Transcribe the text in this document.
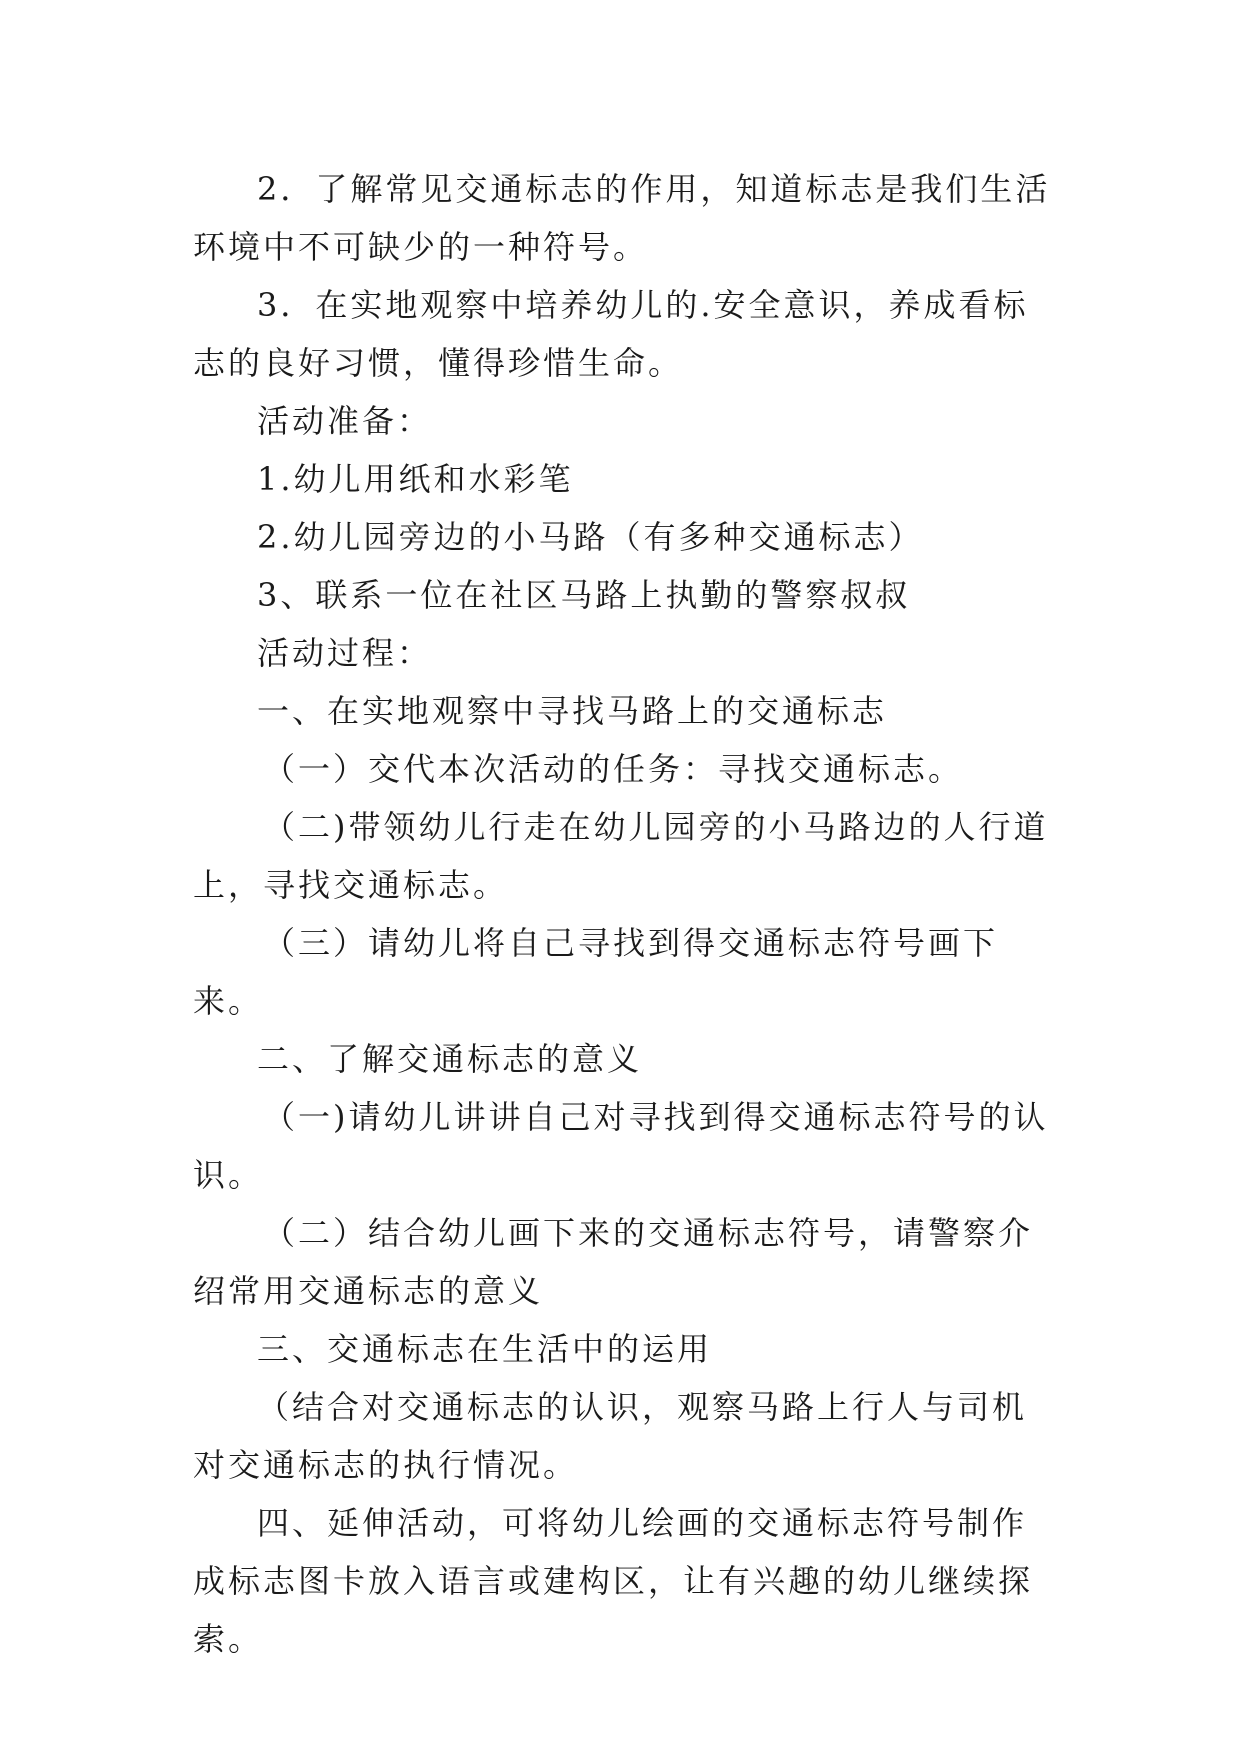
2．了解常见交通标志的作用，知道标志是我们生活环境中不可缺少的一种符号。

3．在实地观察中培养幼儿的.安全意识，养成看标志的良好习惯，懂得珍惜生命。

活动准备：

1.幼儿用纸和水彩笔

2.幼儿园旁边的小马路（有多种交通标志）

3、联系一位在社区马路上执勤的警察叔叔

活动过程：

一、在实地观察中寻找马路上的交通标志

（一）交代本次活动的任务：寻找交通标志。

（二)带领幼儿行走在幼儿园旁的小马路边的人行道上，寻找交通标志。

（三）请幼儿将自己寻找到得交通标志符号画下来。

二、了解交通标志的意义

（一)请幼儿讲讲自己对寻找到得交通标志符号的认识。

（二）结合幼儿画下来的交通标志符号，请警察介绍常用交通标志的意义

三、交通标志在生活中的运用

（结合对交通标志的认识，观察马路上行人与司机对交通标志的执行情况。

四、延伸活动，可将幼儿绘画的交通标志符号制作成标志图卡放入语言或建构区，让有兴趣的幼儿继续探索。
